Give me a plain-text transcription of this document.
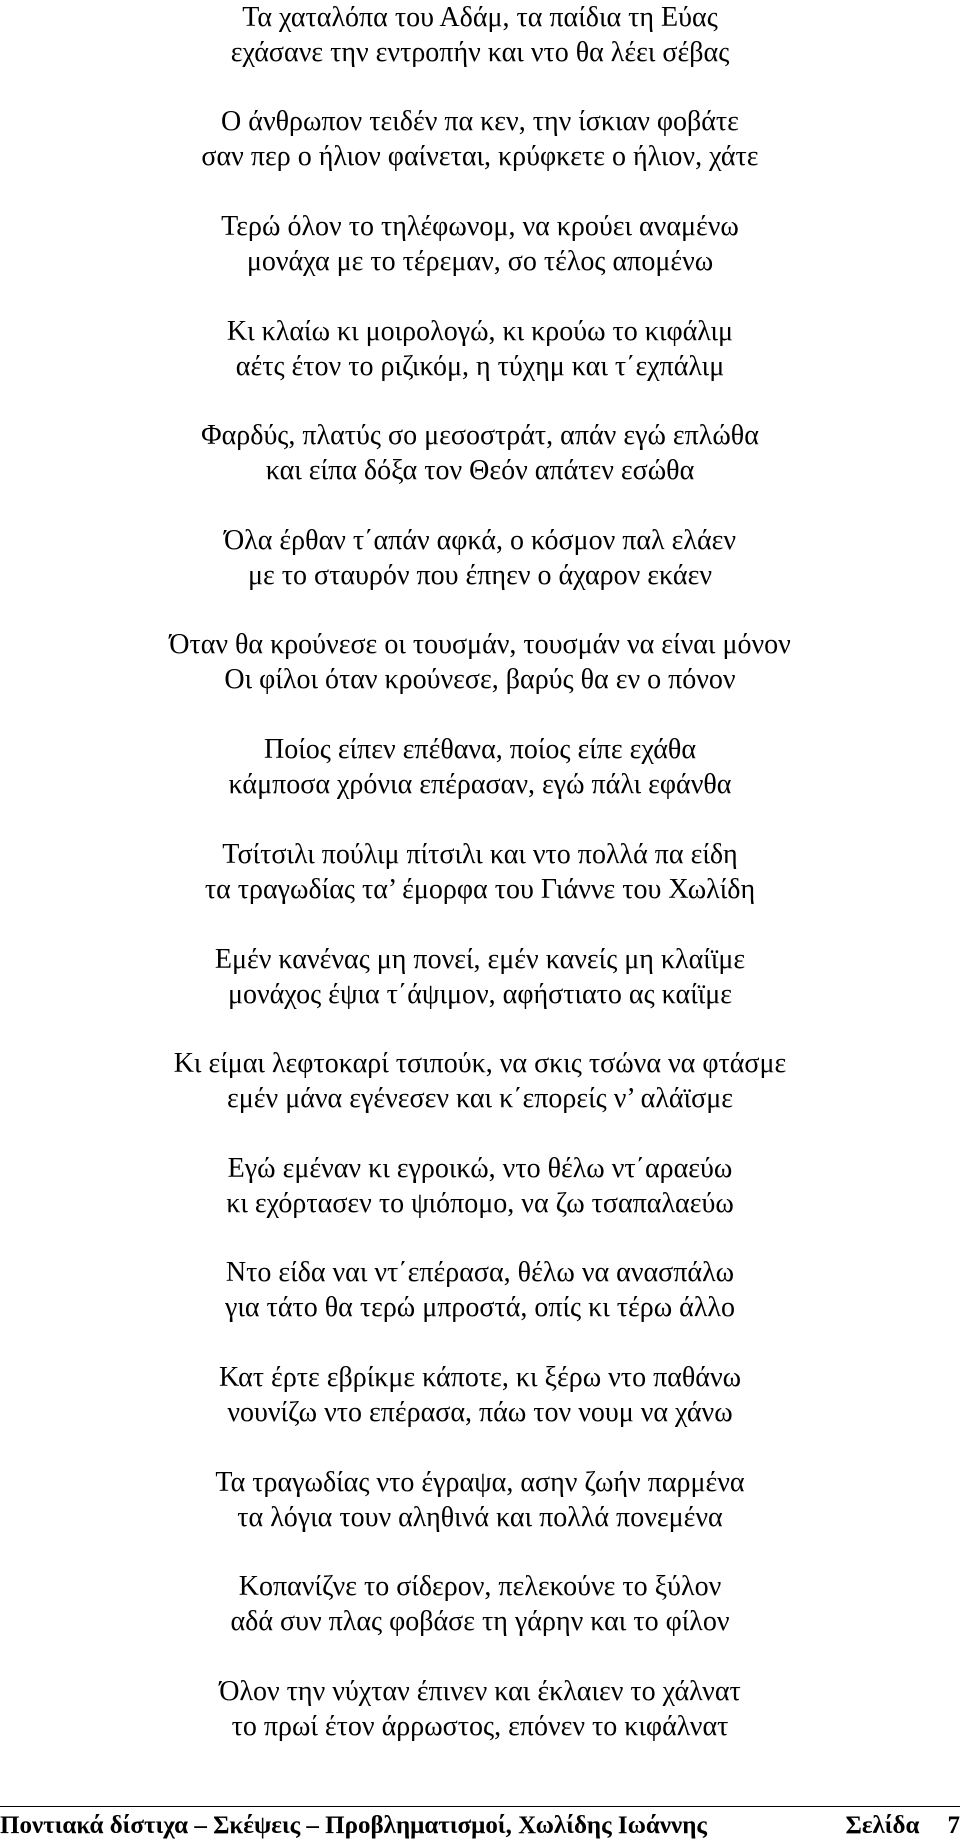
Τα χαταλόπα του Αδάμ, τα παίδια τη Εύας
εχάσανε την εντροπήν και ντο θα λέει σέβας
Ο άνθρωπον τειδέν πα κεν, την ίσκιαν φοβάτε
σαν περ ο ήλιον φαίνεται, κρύφκετε ο ήλιον, χάτε
Τερώ όλον το τηλέφωνομ, να κρούει αναμένω
μονάχα με το τέρεμαν, σο τέλος απομένω
Κι κλαίω κι μοιρολογώ, κι κρούω το κιφάλιμ
αέτς έτον το ριζικόμ, η τύχημ και τ΄εχπάλιμ
Φαρδύς, πλατύς σο μεσοστράτ, απάν εγώ επλώθα
και είπα δόξα τον Θεόν απάτεν εσώθα
Όλα έρθαν τ΄απάν αφκά, ο κόσμον παλ ελάεν
με το σταυρόν που έπηεν ο άχαρον εκάεν
Όταν θα κρούνεσε οι τουσμάν, τουσμάν να είναι μόνον
Οι φίλοι όταν κρούνεσε, βαρύς θα εν ο πόνον
Ποίος είπεν επέθανα, ποίος είπε εχάθα
κάμποσα χρόνια επέρασαν, εγώ πάλι εφάνθα
Τσίτσιλι πούλιμ πίτσιλι και ντο πολλά πα είδη
τα τραγωδίας τα’ έμορφα του Γιάννε του Χωλίδη
Εμέν κανένας μη πονεί, εμέν κανείς μη κλαίϊμε
μονάχος έψια τ΄άψιμον, αφήστιατο ας καίϊμε
Κι είμαι λεφτοκαρί τσιπούκ, να σκις τσώνα να φτάσμε
εμέν μάνα εγένεσεν και κ΄επορείς ν’ αλάϊσμε
Εγώ εμέναν κι εγροικώ, ντο θέλω ντ΄αραεύω
κι εχόρτασεν το ψιόπομο, να ζω τσαπαλαεύω
Ντο είδα ναι ντ΄επέρασα, θέλω να ανασπάλω
για τάτο θα τερώ μπροστά, οπίς κι τέρω άλλο
Κατ έρτε εβρίκμε κάποτε, κι ξέρω ντο παθάνω
νουνίζω ντο επέρασα, πάω τον νουμ να χάνω
Τα τραγωδίας ντο έγραψα, ασην ζωήν παρμένα
τα λόγια τουν αληθινά και πολλά πονεμένα
Κοπανίζνε το σίδερον, πελεκούνε το ξύλον
αδά συν πλας φοβάσε τη γάρην και το φίλον
Όλον την νύχταν έπινεν και έκλαιεν το χάλνατ
το πρωί έτον άρρωστος, επόνεν το κιφάλνατ
Ποντιακά δίστιχα – Σκέψεις – Προβληματισμοί, Χωλίδης Ιωάννης	Σελίδα 7
